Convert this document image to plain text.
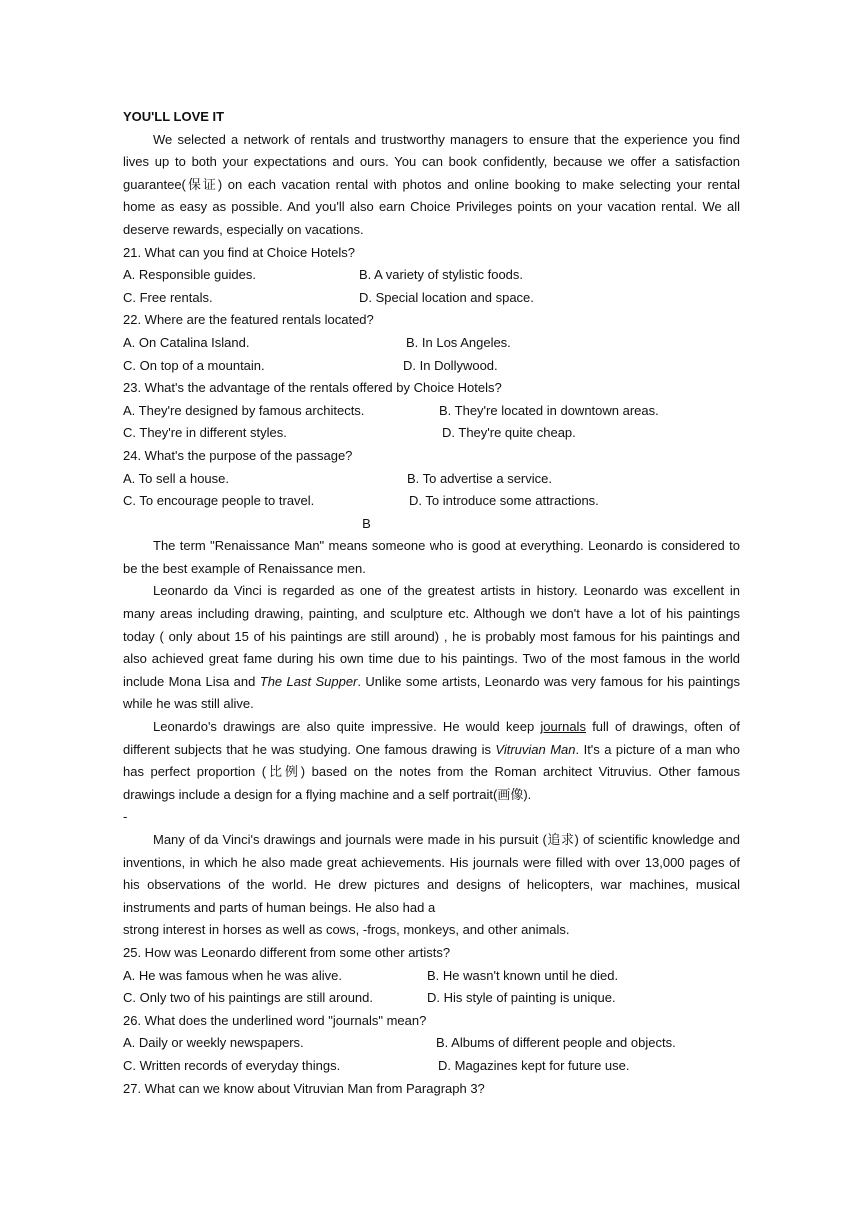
YOU'LL LOVE IT

We selected a network of rentals and trustworthy managers to ensure that the experience you find lives up to both your expectations and ours. You can book confidently, because we offer a satisfaction guarantee(保证) on each vacation rental with photos and online booking to make selecting your rental home as easy as possible. And you'll also earn Choice Privileges points on your vacation rental. We all deserve rewards, especially on vacations.

21. What can you find at Choice Hotels?

A. Responsible guides.	B. A variety of stylistic foods.
C. Free rentals.	D. Special location and space.

22. Where are the featured rentals located?

A. On Catalina Island.	B. In Los Angeles.
C. On top of a mountain.	D. In Dollywood.

23. What's the advantage of the rentals offered by Choice Hotels?

A. They're designed by famous architects.	B. They're located in downtown areas.
C. They're in different styles.	D. They're quite cheap.

24. What's the purpose of the passage?

A. To sell a house.	B. To advertise a service.
C. To encourage people to travel.	D. To introduce some attractions.

B

The term "Renaissance Man" means someone who is good at everything. Leonardo is considered to be the best example of Renaissance men.

Leonardo da Vinci is regarded as one of the greatest artists in history. Leonardo was excellent in many areas including drawing, painting, and sculpture etc. Although we don't have a lot of his paintings today ( only about 15 of his paintings are still around) , he is probably most famous for his paintings and also achieved great fame during his own time due to his paintings. Two of the most famous in the world include Mona Lisa and The Last Supper. Unlike some artists, Leonardo was very famous for his paintings while he was still alive.

Leonardo's drawings are also quite impressive. He would keep journals full of drawings, often of different subjects that he was studying. One famous drawing is Vitruvian Man. It's a picture of a man who has perfect proportion (比例) based on the notes from the Roman architect Vitruvius. Other famous drawings include a design for a flying machine and a self portrait(画像).

-

Many of da Vinci's drawings and journals were made in his pursuit (追求) of scientific knowledge and inventions, in which he also made great achievements. His journals were filled with over 13,000 pages of his observations of the world. He drew pictures and designs of helicopters, war machines, musical instruments and parts of human beings. He also had a

strong interest in horses as well as cows, -frogs, monkeys, and other animals.

25. How was Leonardo different from some other artists?

A. He was famous when he was alive.	B. He wasn't known until he died.
C. Only two of his paintings are still around.	D. His style of painting is unique.

26. What does the underlined word "journals" mean?

A. Daily or weekly newspapers.	B. Albums of different people and objects.
C. Written records of everyday things.	D. Magazines kept for future use.

27. What can we know about Vitruvian Man from Paragraph 3?
